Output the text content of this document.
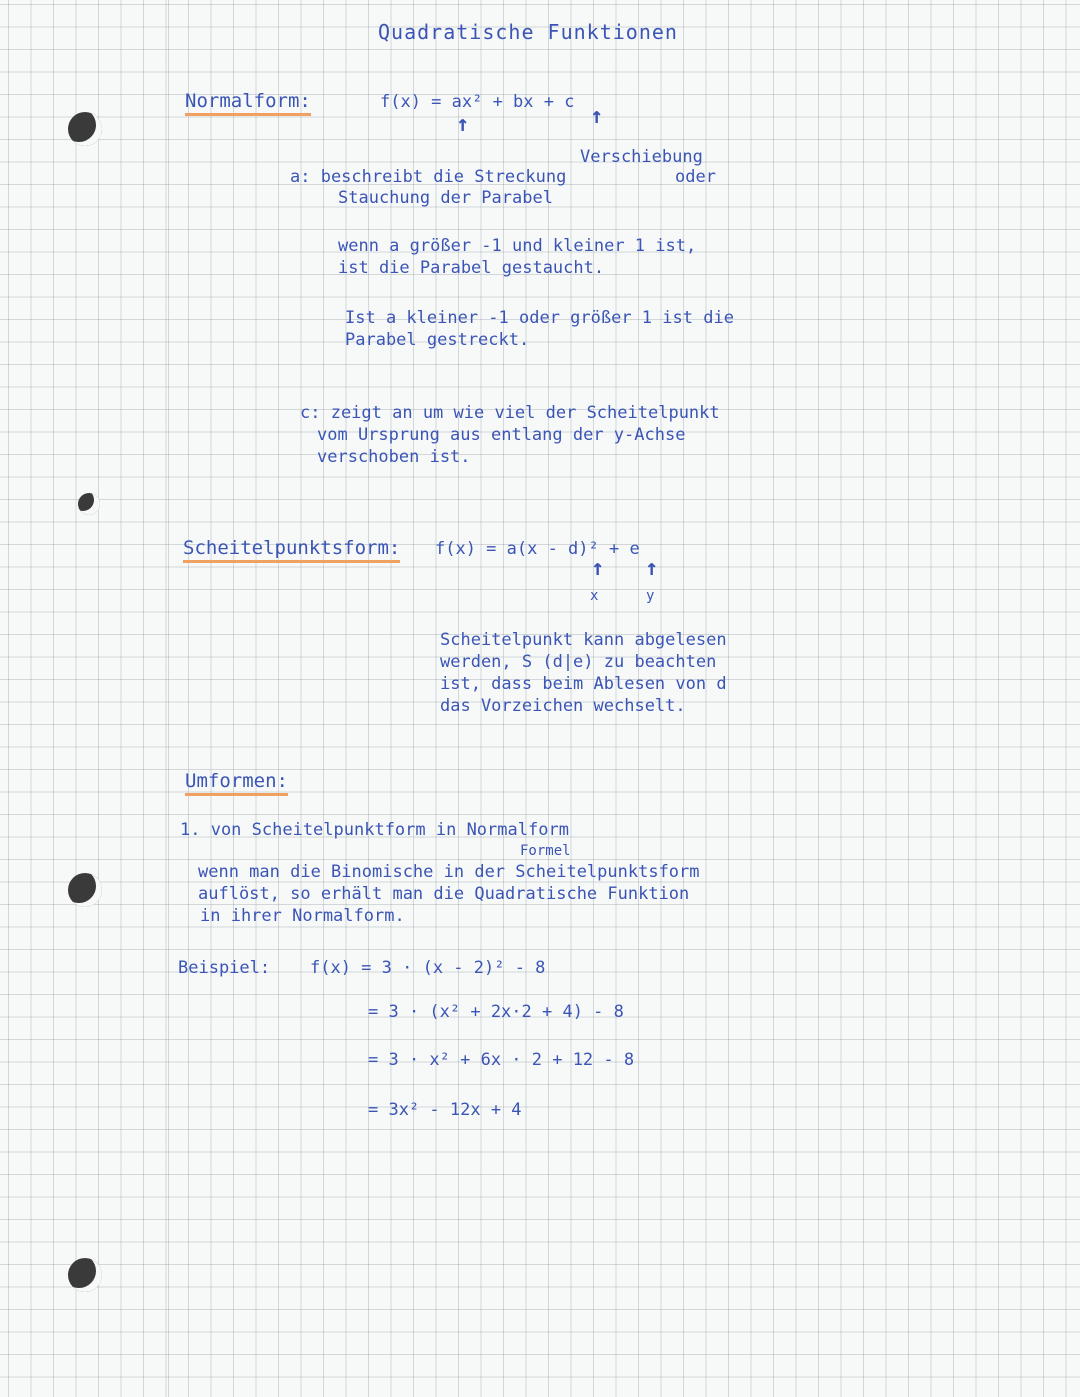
Quadratische Funktionen
Normalform:	f(x) = ax² + bx + c
↑	↑
Verschiebung
a: beschreibt die Streckung	oder
Stauchung der Parabel
wenn a größer -1 und kleiner 1 ist,
ist die Parabel gestaucht.
Ist a kleiner -1 oder größer 1 ist die
Parabel gestreckt.
c: zeigt an um wie viel der Scheitelpunkt
vom Ursprung aus entlang der y-Achse
verschoben ist.
Scheitelpunktsform: f(x) = a(x - d)² + e
↑ ↑
x	y
Scheitelpunkt kann abgelesen
werden, S (d|e) zu beachten
ist, dass beim Ablesen von d
das Vorzeichen wechselt.
Umformen:
1. von Scheitelpunktform in Normalform
Formel
wenn man die Binomische in der Scheitelpunktsform
auflöst, so erhält man die Quadratische Funktion
in ihrer Normalform.
Beispiel: f(x) = 3 · (x - 2)² - 8
= 3 · (x² + 2x·2 + 4) - 8
= 3 · x² + 6x · 2 + 12 - 8
= 3x² - 12x + 4
